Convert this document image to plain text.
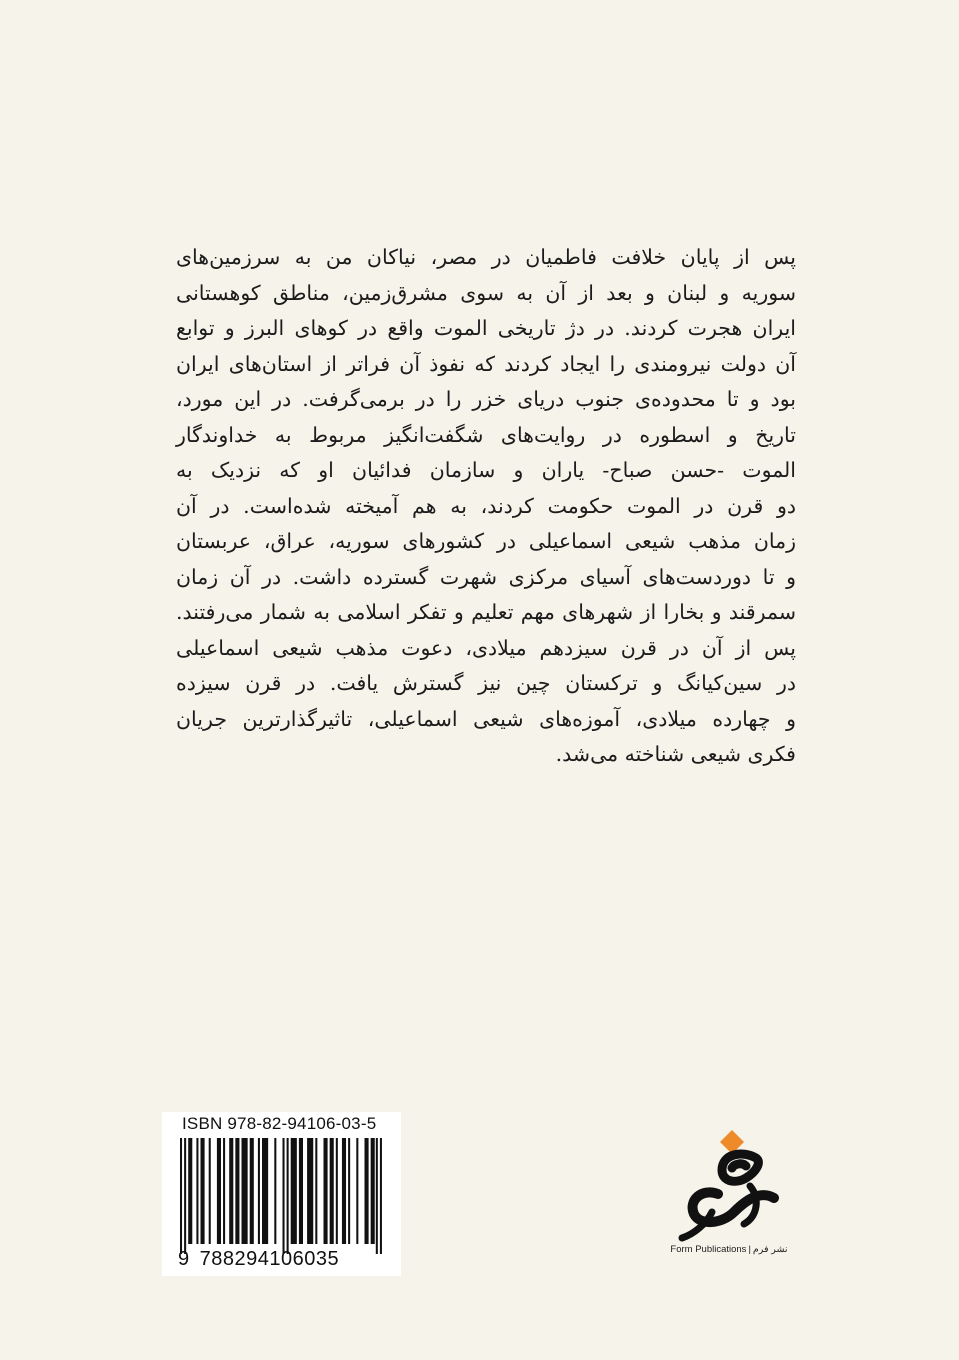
پس از پایان خلافت فاطمیان در مصر، نیاکان من به سرزمین‌های
سوریه و لبنان و بعد از آن به سوی مشرق‌زمین، مناطق کوهستانی
ایران هجرت کردند. در دژ تاریخی الموت واقع در کوهای البرز و توابع
آن دولت نیرومندی را ایجاد کردند که نفوذ آن فراتر از استان‌های ایران
بود و تا محدوده‌ی جنوب دریای خزر را در برمی‌گرفت. در این مورد،
تاریخ و اسطوره در روایت‌های شگفت‌انگیز مربوط به خداوندگار
الموت -حسن صباح- یاران و سازمان فدائیان او که نزدیک به
دو قرن در الموت حکومت کردند، به هم آمیخته شده‌است. در آن
زمان مذهب شیعی اسماعیلی در کشورهای سوریه، عراق، عربستان
و تا دوردست‌های آسیای مرکزی شهرت گسترده داشت. در آن زمان
سمرقند و بخارا از شهرهای مهم تعلیم و تفکر اسلامی به شمار می‌رفتند.
پس از آن در قرن سیزدهم میلادی، دعوت مذهب شیعی اسماعیلی
در سین‌کیانگ و ترکستان چین نیز گسترش یافت. در قرن سیزده
و چهارده میلادی، آموزه‌های شیعی اسماعیلی، تاثیرگذارترین جریان
فکری شیعی شناخته می‌شد.
ISBN 978-82-94106-03-5
9 788294106035	Form Publications | نشر فرم
